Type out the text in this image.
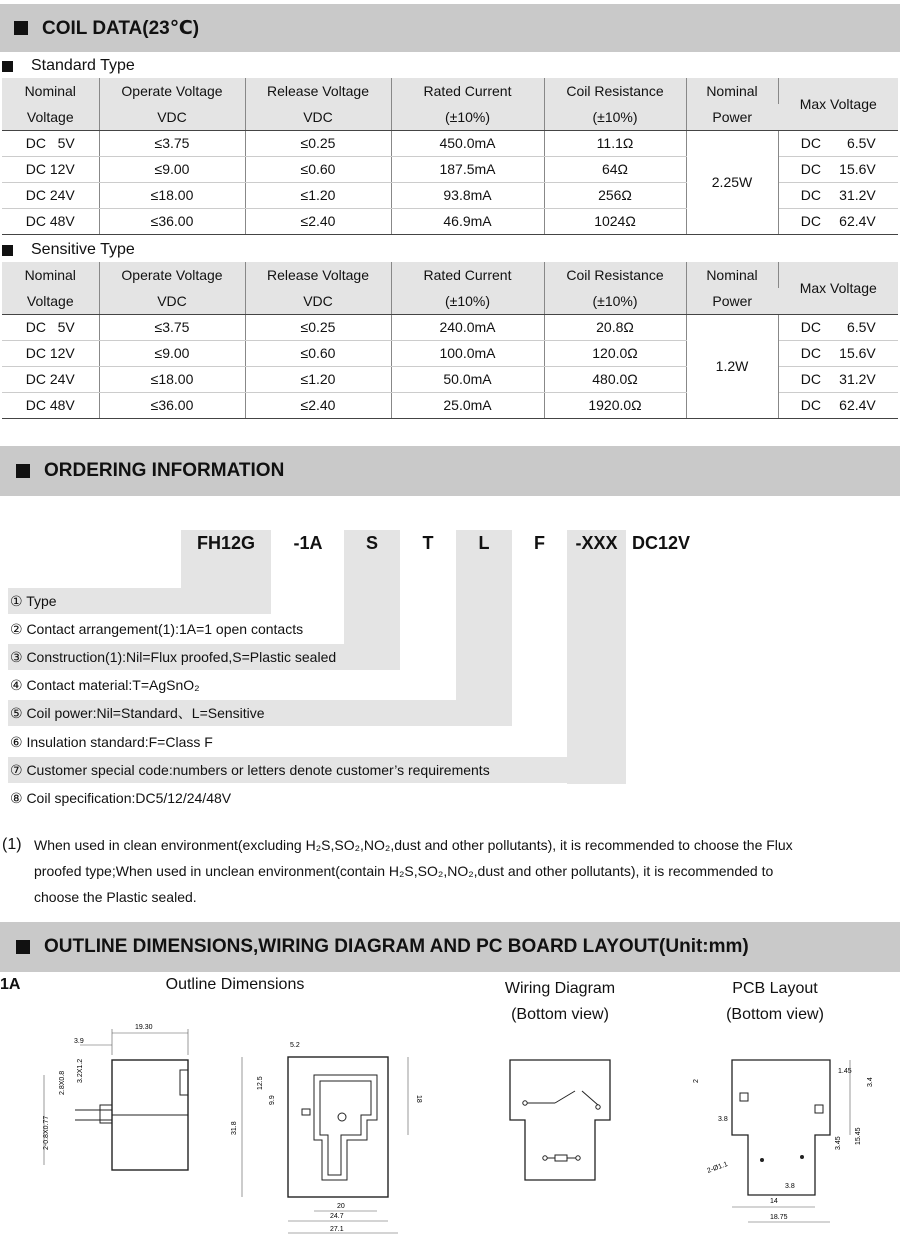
COIL DATA(23℃)
Standard Type
Nominal	Operate Voltage	Release Voltage	Rated Current	Coil Resistance	Nominal	Max Voltage
Voltage	VDC	VDC	(±10%)	(±10%)	Power	
DC   5V	≤3.75	≤0.25	450.0mA	11.1Ω	2.25W	DC 6.5V

DC 12V	≤9.00	≤0.60	187.5mA	64Ω		DC 15.6V

DC 24V	≤18.00	≤1.20	93.8mA	256Ω		DC 31.2V

DC 48V	≤36.00	≤2.40	46.9mA	1024Ω		DC 62.4V
Sensitive Type
Nominal	Operate Voltage	Release Voltage	Rated Current	Coil Resistance	Nominal	Max Voltage
Voltage	VDC	VDC	(±10%)	(±10%)	Power	
DC   5V	≤3.75	≤0.25	240.0mA	20.8Ω	1.2W	DC 6.5V

DC 12V	≤9.00	≤0.60	100.0mA	120.0Ω		DC 15.6V

DC 24V	≤18.00	≤1.20	50.0mA	480.0Ω		DC 31.2V

DC 48V	≤36.00	≤2.40	25.0mA	1920.0Ω		DC 62.4V
ORDERING INFORMATION
FH12G	-1A	S	T	L	F	-XXX DC12V
① Type
② Contact arrangement(1):1A=1 open contacts
③ Construction(1):Nil=Flux proofed,S=Plastic sealed
④ Contact material:T=AgSnO₂
⑤ Coil power:Nil=Standard、L=Sensitive
⑥ Insulation standard:F=Class F
⑦ Customer special code:numbers or letters denote customer’s requirements
⑧ Coil specification:DC5/12/24/48V
(1) When used in clean environment(excluding H₂S,SO₂,NO₂,dust and other pollutants), it is recommended to choose the Flux
proofed type;When used in unclean environment(contain H₂S,SO₂,NO₂,dust and other pollutants), it is recommended to
choose the Plastic sealed.
OUTLINE DIMENSIONS,WIRING DIAGRAM AND PC BOARD LAYOUT(Unit:mm)
1A	Outline Dimensions	Wiring Diagram
(Bottom view)
PCB Layout
(Bottom view)
19.30
3.9
2.8X0.8 3.2X1.2
2-0.8X0.77
5.2
12.5
9.9
31.8
18
20
24.7
27.1
1.45
2	3.4
3.8
3.45 15.45
2-Ø1.1
3.8
14
18.75
